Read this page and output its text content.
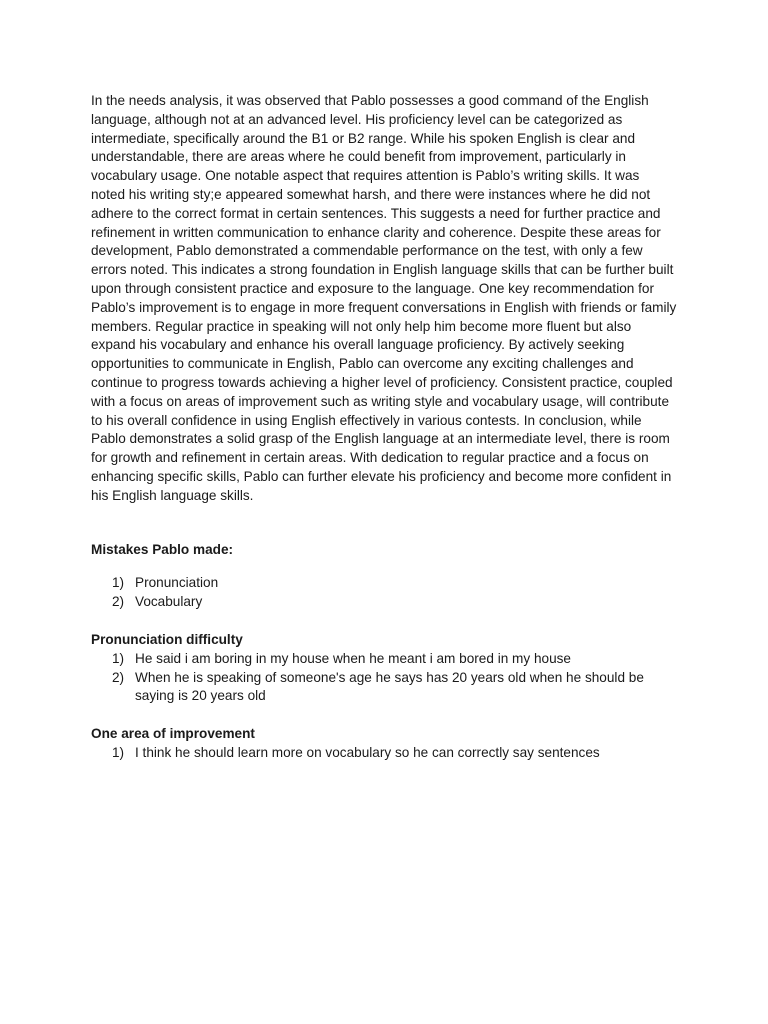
In the needs analysis, it was observed that Pablo possesses a good command of the English language, although not at an advanced level. His proficiency level can be categorized as intermediate, specifically around the B1 or B2 range. While his spoken English is clear and understandable, there are areas where he could benefit from improvement, particularly in vocabulary usage. One notable aspect that requires attention is Pablo’s writing skills. It was noted his writing sty;e appeared somewhat harsh, and there were instances where he did not adhere to the correct format in certain sentences. This suggests a need for further practice and refinement in written communication to enhance clarity and coherence. Despite these areas for development, Pablo demonstrated a commendable performance on the test, with only a few errors noted. This indicates a strong foundation in English language skills that can be further built upon through consistent practice and exposure to the language. One key recommendation for Pablo’s improvement is to engage in more frequent conversations in English with friends or family members. Regular practice in speaking will not only help him become more fluent but also expand his vocabulary and enhance his overall language proficiency. By actively seeking opportunities to communicate in English, Pablo can overcome any exciting challenges and continue to progress towards achieving a higher level of proficiency. Consistent practice, coupled with a focus on areas of improvement such as writing style and vocabulary usage, will contribute to his overall confidence in using English effectively in various contests. In conclusion, while Pablo demonstrates a solid grasp of the English language at an intermediate level, there is room for growth and refinement in certain areas. With dedication to regular practice and a focus on enhancing specific skills, Pablo can further elevate his proficiency and become more confident in his English language skills.

Mistakes Pablo made:

1) Pronunciation
2) Vocabulary

Pronunciation difficulty

1) He said i am boring in my house when he meant i am bored in my house
2) When he is speaking of someone's age he says has 20 years old when he should be saying is 20 years old

One area of improvement

1) I think he should learn more on vocabulary so he can correctly say sentences
